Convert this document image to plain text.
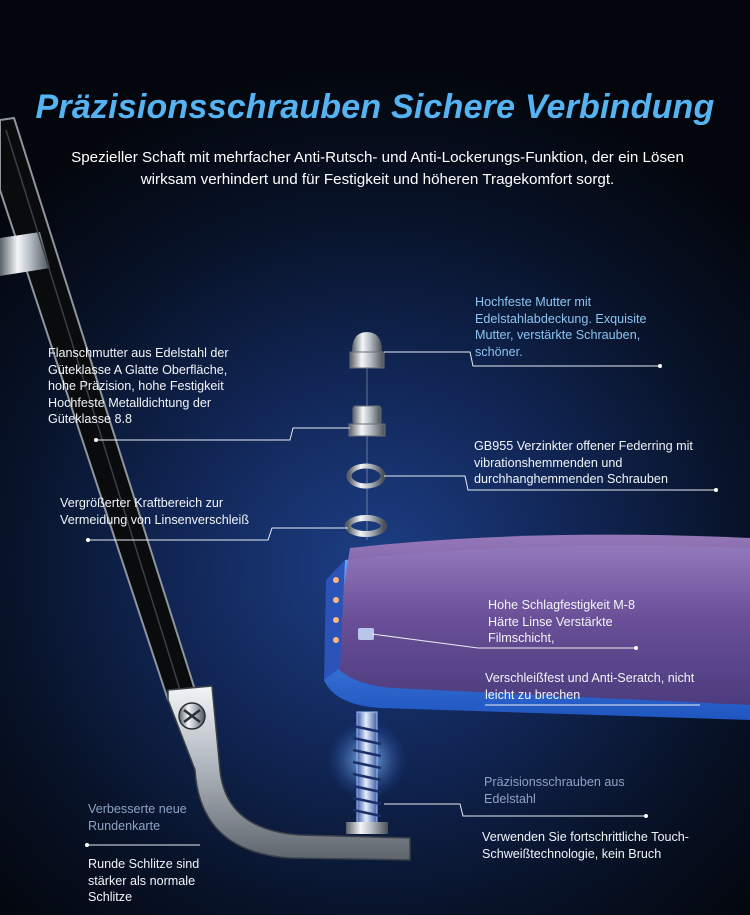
Präzisionsschrauben Sichere Verbindung
Spezieller Schaft mit mehrfacher Anti-Rutsch- und Anti-Lockerungs-Funktion, der ein Lösen wirksam verhindert und für Festigkeit und höheren Tragekomfort sorgt.
Hochfeste Mutter mit Edelstahlabdeckung. Exquisite Mutter, verstärkte Schrauben, schöner.
Flanschmutter aus Edelstahl der Güteklasse A Glatte Oberfläche, hohe Präzision, hohe Festigkeit Hochfeste Metalldichtung der Güteklasse 8.8
GB955 Verzinkter offener Federring mit vibrationshemmenden und durchhanghemmenden Schrauben
Vergrößerter Kraftbereich zur Vermeidung von Linsenverschleiß
Hohe Schlagfestigkeit M-8 Härte Linse Verstärkte Filmschicht,
Verschleißfest und Anti-Seratch, nicht leicht zu brechen
Präzisionsschrauben aus Edelstahl
Verwenden Sie fortschrittliche Touch-Schweißtechnologie, kein Bruch
Verbesserte neue Rundenkarte
Runde Schlitze sind stärker als normale Schlitze
